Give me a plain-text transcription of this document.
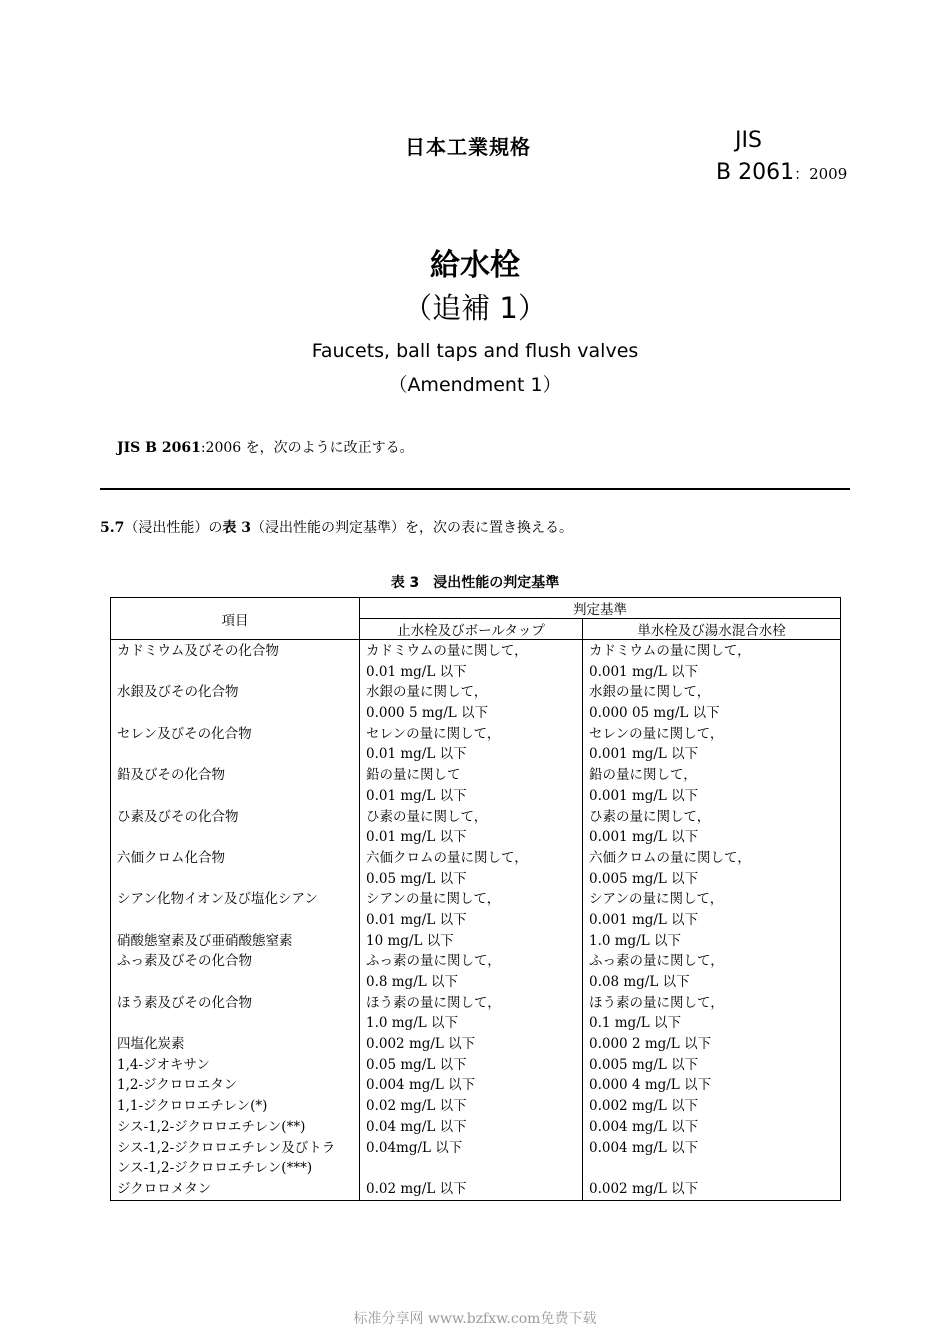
日本工業規格	JIS
B 2061：2009
給水栓
（追補 1）
Faucets, ball taps and flush valves
（Amendment 1）
JIS B 2061:2006 を，次のように改正する。
5.7（浸出性能）の表 3（浸出性能の判定基準）を，次の表に置き換える。
表 3　浸出性能の判定基準
項目	判定基準	
	止水栓及びボールタップ	単水栓及び湯水混合水栓
カドミウム及びその化合物	カドミウムの量に関して，	カドミウムの量に関して，
	0.01 mg/L 以下	0.001 mg/L 以下
水銀及びその化合物	水銀の量に関して，	水銀の量に関して，
	0.000 5 mg/L 以下	0.000 05 mg/L 以下
セレン及びその化合物	セレンの量に関して，	セレンの量に関して，
	0.01 mg/L 以下	0.001 mg/L 以下
鉛及びその化合物	鉛の量に関して	鉛の量に関して，
	0.01 mg/L 以下	0.001 mg/L 以下
ひ素及びその化合物	ひ素の量に関して，	ひ素の量に関して，
	0.01 mg/L 以下	0.001 mg/L 以下
六価クロム化合物	六価クロムの量に関して，	六価クロムの量に関して，
	0.05 mg/L 以下	0.005 mg/L 以下
シアン化物イオン及び塩化シアン	シアンの量に関して，	シアンの量に関して，
	0.01 mg/L 以下	0.001 mg/L 以下
硝酸態窒素及び亜硝酸態窒素	10 mg/L 以下	1.0 mg/L 以下
ふっ素及びその化合物	ふっ素の量に関して，	ふっ素の量に関して，
	0.8 mg/L 以下	0.08 mg/L 以下
ほう素及びその化合物	ほう素の量に関して，	ほう素の量に関して，
	1.0 mg/L 以下	0.1 mg/L 以下
四塩化炭素	0.002 mg/L 以下	0.000 2 mg/L 以下
1,4-ジオキサン	0.05 mg/L 以下	0.005 mg/L 以下
1,2-ジクロロエタン	0.004 mg/L 以下	0.000 4 mg/L 以下
1,1-ジクロロエチレン(*)	0.02 mg/L 以下	0.002 mg/L 以下
シス-1,2-ジクロロエチレン(**)	0.04 mg/L 以下	0.004 mg/L 以下
シス-1,2-ジクロロエチレン及びトラ	0.04mg/L 以下	0.004 mg/L 以下
ンス-1,2-ジクロロエチレン(***)		
ジクロロメタン	0.02 mg/L 以下	0.002 mg/L 以下
标准分享网 www.bzfxw.com免费下载
